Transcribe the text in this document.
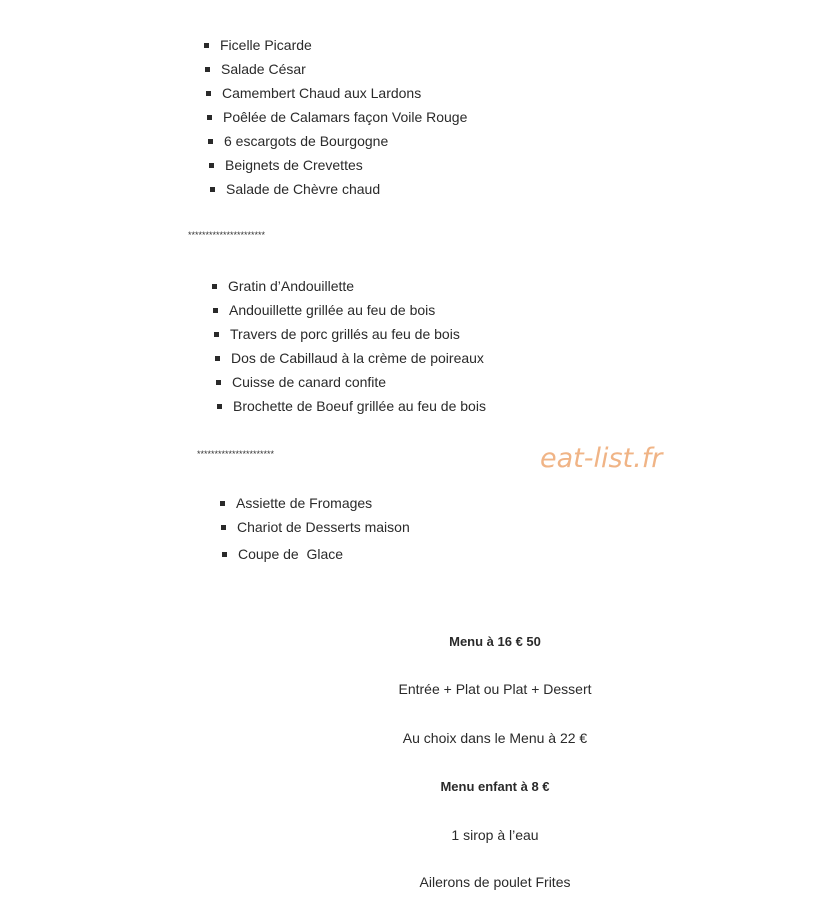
Ficelle Picarde
Salade César
Camembert Chaud aux Lardons
Poêlée de Calamars façon Voile Rouge
6 escargots de Bourgogne
Beignets de Crevettes
Salade de Chèvre chaud
**********************
Gratin d’Andouillette
Andouillette grillée au feu de bois
Travers de porc grillés au feu de bois
Dos de Cabillaud à la crème de poireaux
Cuisse de canard confite
Brochette de Boeuf grillée au feu de bois
**********************	eat-list.fr
Assiette de Fromages
Chariot de Desserts maison
Coupe de  Glace
Menu à 16 € 50
Entrée + Plat ou Plat + Dessert
Au choix dans le Menu à 22 €
Menu enfant à 8 €
1 sirop à l’eau
Ailerons de poulet Frites
